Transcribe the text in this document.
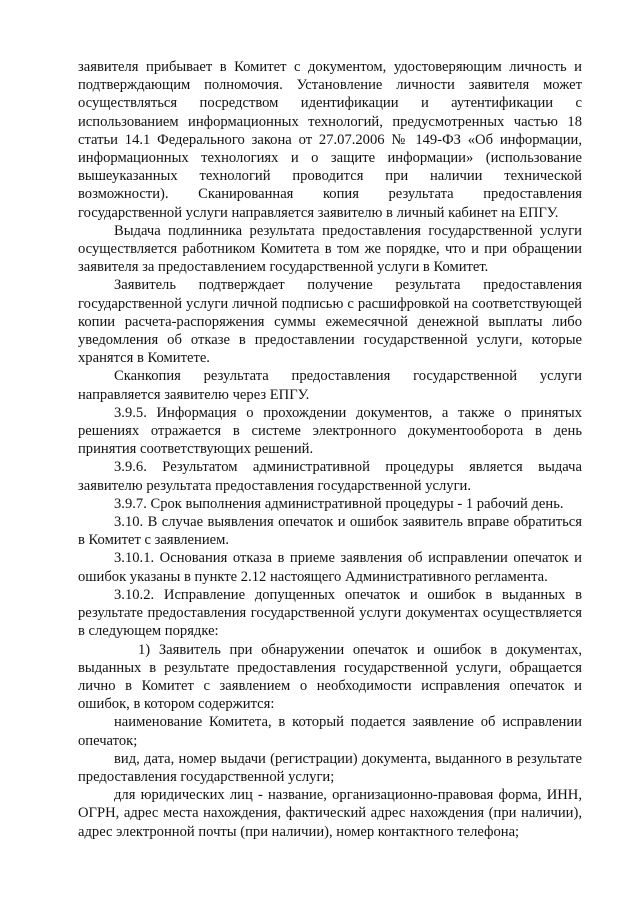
заявителя прибывает в Комитет с документом, удостоверяющим личность и подтверждающим полномочия. Установление личности заявителя может осуществляться посредством идентификации и аутентификации с использованием информационных технологий, предусмотренных частью 18 статьи 14.1 Федерального закона от 27.07.2006 № 149-ФЗ «Об информации, информационных технологиях и о защите информации» (использование вышеуказанных технологий проводится при наличии технической возможности). Сканированная копия результата предоставления государственной услуги направляется заявителю в личный кабинет на ЕПГУ.

Выдача подлинника результата предоставления государственной услуги осуществляется работником Комитета в том же порядке, что и при обращении заявителя за предоставлением государственной услуги в Комитет.

Заявитель подтверждает получение результата предоставления государственной услуги личной подписью с расшифровкой на соответствующей копии расчета-распоряжения суммы ежемесячной денежной выплаты либо уведомления об отказе в предоставлении государственной услуги, которые хранятся в Комитете.

Сканкопия результата предоставления государственной услуги направляется заявителю через ЕПГУ.

3.9.5. Информация о прохождении документов, а также о принятых решениях отражается в системе электронного документооборота в день принятия соответствующих решений.

3.9.6. Результатом административной процедуры является выдача заявителю результата предоставления государственной услуги.

3.9.7. Срок выполнения административной процедуры - 1 рабочий день.

3.10. В случае выявления опечаток и ошибок заявитель вправе обратиться в Комитет с заявлением.

3.10.1. Основания отказа в приеме заявления об исправлении опечаток и ошибок указаны в пункте 2.12 настоящего Административного регламента.

3.10.2. Исправление допущенных опечаток и ошибок в выданных в результате предоставления государственной услуги документах осуществляется в следующем порядке:

1) Заявитель при обнаружении опечаток и ошибок в документах, выданных в результате предоставления государственной услуги, обращается лично в Комитет с заявлением о необходимости исправления опечаток и ошибок, в котором содержится:

наименование Комитета, в который подается заявление об исправлении опечаток;

вид, дата, номер выдачи (регистрации) документа, выданного в результате предоставления государственной услуги;

для юридических лиц - название, организационно-правовая форма, ИНН, ОГРН, адрес места нахождения, фактический адрес нахождения (при наличии), адрес электронной почты (при наличии), номер контактного телефона;
